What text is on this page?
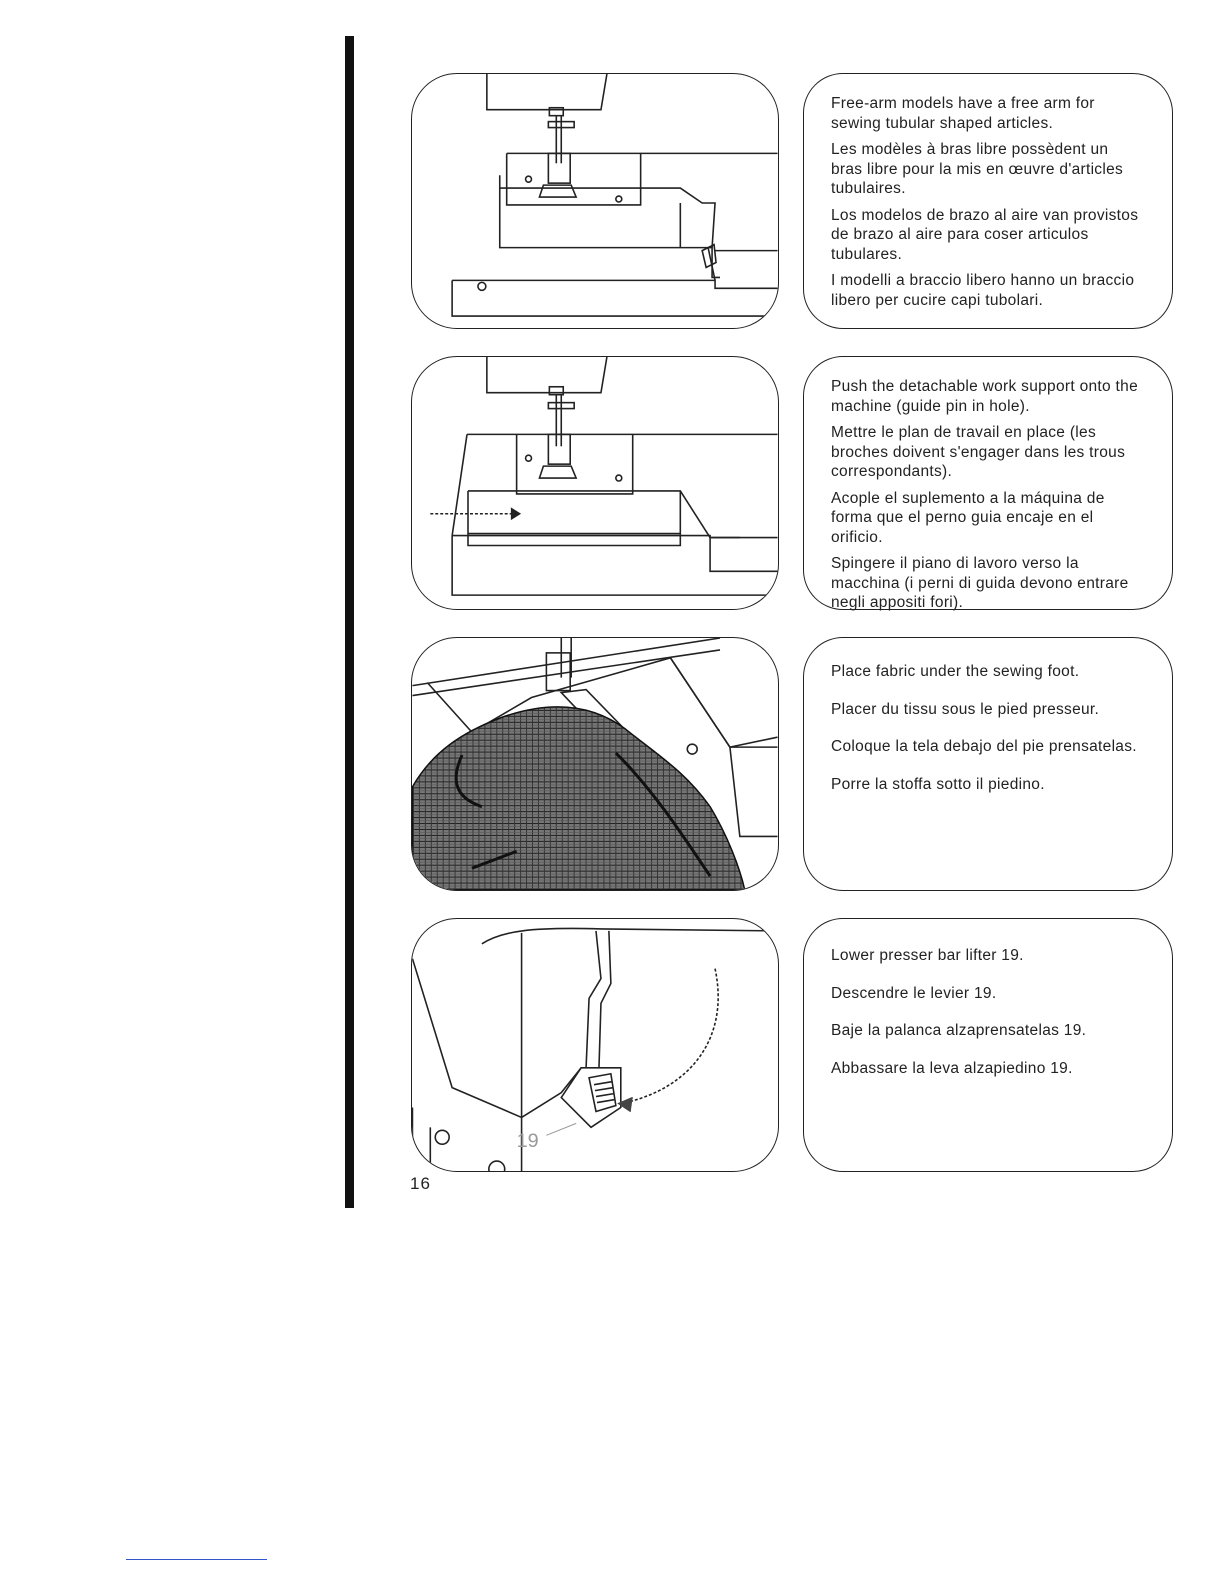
Free-arm models have a free arm for sewing tubular shaped articles.

Les modèles à bras libre possèdent un bras libre pour la mis en œuvre d'articles tubulaires.

Los modelos de brazo al aire van provistos de brazo al aire para coser articulos tubulares.

I modelli a braccio libero hanno un braccio libero per cucire capi tubolari.

Push the detachable work support onto the machine (guide pin in hole).

Mettre le plan de travail en place (les broches doivent s'engager dans les trous correspondants).

Acople el suplemento a la máquina de forma que el perno guia encaje en el orificio.

Spingere il piano di lavoro verso la macchina (i perni di guida devono entrare negli appositi fori).

Place fabric under the sewing foot.

Placer du tissu sous le pied presseur.

Coloque la tela debajo del pie prensatelas.

Porre la stoffa sotto il piedino.

19

Lower presser bar lifter 19.

Descendre le levier 19.

Baje la palanca alzaprensatelas 19.

Abbassare la leva alzapiedino 19.

16
